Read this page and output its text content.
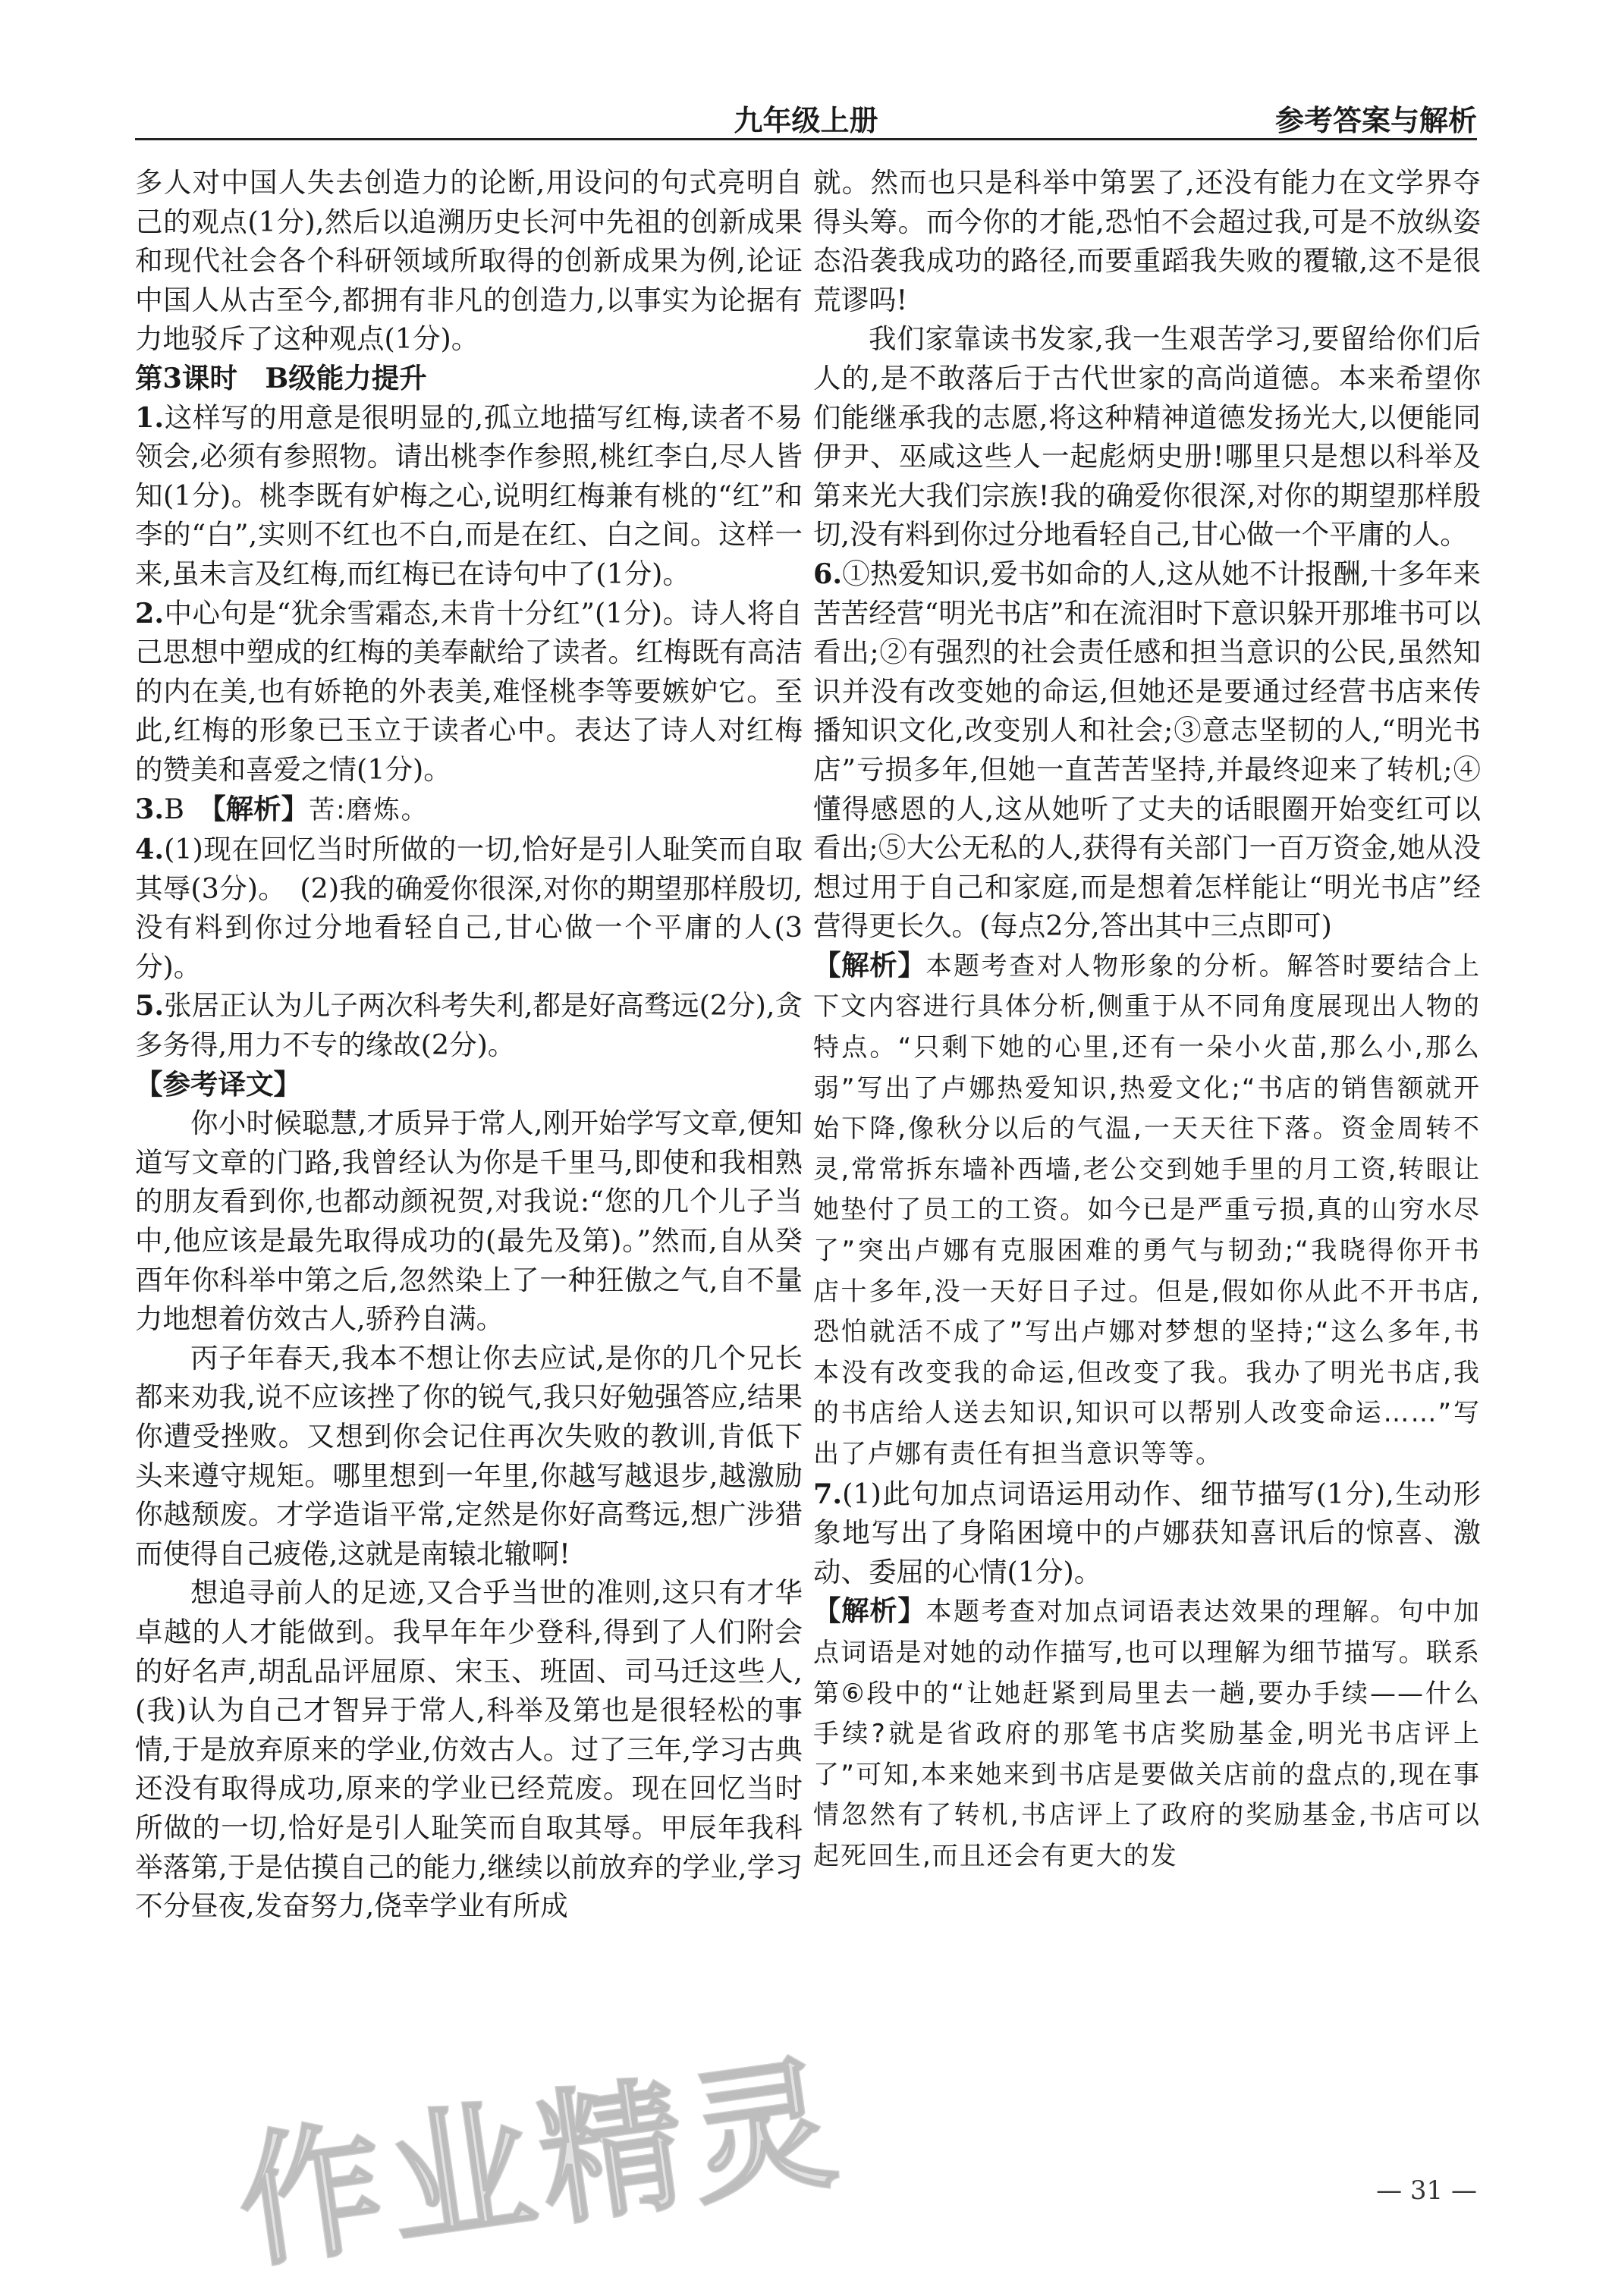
九年级上册	参考答案与解析

多人对中国人失去创造力的论断,用设问的句式亮明自己的观点(1分),然后以追溯历史长河中先祖的创新成果和现代社会各个科研领域所取得的创新成果为例,论证中国人从古至今,都拥有非凡的创造力,以事实为论据有力地驳斥了这种观点(1分)。

第3课时　B级能力提升

1.这样写的用意是很明显的,孤立地描写红梅,读者不易领会,必须有参照物。请出桃李作参照,桃红李白,尽人皆知(1分)。桃李既有妒梅之心,说明红梅兼有桃的“红”和李的“白”,实则不红也不白,而是在红、白之间。这样一来,虽未言及红梅,而红梅已在诗句中了(1分)。

2.中心句是“犹余雪霜态,未肯十分红”(1分)。诗人将自己思想中塑成的红梅的美奉献给了读者。红梅既有高洁的内在美,也有娇艳的外表美,难怪桃李等要嫉妒它。至此,红梅的形象已玉立于读者心中。表达了诗人对红梅的赞美和喜爱之情(1分)。

3.B　【解析】苦:磨炼。

4.(1)现在回忆当时所做的一切,恰好是引人耻笑而自取其辱(3分)。　(2)我的确爱你很深,对你的期望那样殷切,没有料到你过分地看轻自己,甘心做一个平庸的人(3分)。

5.张居正认为儿子两次科考失利,都是好高骛远(2分),贪多务得,用力不专的缘故(2分)。

【参考译文】

你小时候聪慧,才质异于常人,刚开始学写文章,便知道写文章的门路,我曾经认为你是千里马,即使和我相熟的朋友看到你,也都动颜祝贺,对我说:“您的几个儿子当中,他应该是最先取得成功的(最先及第)。”然而,自从癸酉年你科举中第之后,忽然染上了一种狂傲之气,自不量力地想着仿效古人,骄矜自满。

丙子年春天,我本不想让你去应试,是你的几个兄长都来劝我,说不应该挫了你的锐气,我只好勉强答应,结果你遭受挫败。又想到你会记住再次失败的教训,肯低下头来遵守规矩。哪里想到一年里,你越写越退步,越激励你越颓废。才学造诣平常,定然是你好高骛远,想广涉猎而使得自己疲倦,这就是南辕北辙啊!

想追寻前人的足迹,又合乎当世的准则,这只有才华卓越的人才能做到。我早年年少登科,得到了人们附会的好名声,胡乱品评屈原、宋玉、班固、司马迁这些人,(我)认为自己才智异于常人,科举及第也是很轻松的事情,于是放弃原来的学业,仿效古人。过了三年,学习古典还没有取得成功,原来的学业已经荒废。现在回忆当时所做的一切,恰好是引人耻笑而自取其辱。甲辰年我科举落第,于是估摸自己的能力,继续以前放弃的学业,学习不分昼夜,发奋努力,侥幸学业有所成

就。然而也只是科举中第罢了,还没有能力在文学界夺得头筹。而今你的才能,恐怕不会超过我,可是不放纵姿态沿袭我成功的路径,而要重蹈我失败的覆辙,这不是很荒谬吗!

我们家靠读书发家,我一生艰苦学习,要留给你们后人的,是不敢落后于古代世家的高尚道德。本来希望你们能继承我的志愿,将这种精神道德发扬光大,以便能同伊尹、巫咸这些人一起彪炳史册!哪里只是想以科举及第来光大我们宗族!我的确爱你很深,对你的期望那样殷切,没有料到你过分地看轻自己,甘心做一个平庸的人。

6.①热爱知识,爱书如命的人,这从她不计报酬,十多年来苦苦经营“明光书店”和在流泪时下意识躲开那堆书可以看出;②有强烈的社会责任感和担当意识的公民,虽然知识并没有改变她的命运,但她还是要通过经营书店来传播知识文化,改变别人和社会;③意志坚韧的人,“明光书店”亏损多年,但她一直苦苦坚持,并最终迎来了转机;④懂得感恩的人,这从她听了丈夫的话眼圈开始变红可以看出;⑤大公无私的人,获得有关部门一百万资金,她从没想过用于自己和家庭,而是想着怎样能让“明光书店”经营得更长久。(每点2分,答出其中三点即可)

【解析】本题考查对人物形象的分析。解答时要结合上下文内容进行具体分析,侧重于从不同角度展现出人物的特点。“只剩下她的心里,还有一朵小火苗,那么小,那么弱”写出了卢娜热爱知识,热爱文化;“书店的销售额就开始下降,像秋分以后的气温,一天天往下落。资金周转不灵,常常拆东墙补西墙,老公交到她手里的月工资,转眼让她垫付了员工的工资。如今已是严重亏损,真的山穷水尽了”突出卢娜有克服困难的勇气与韧劲;“我晓得你开书店十多年,没一天好日子过。但是,假如你从此不开书店,恐怕就活不成了”写出卢娜对梦想的坚持;“这么多年,书本没有改变我的命运,但改变了我。我办了明光书店,我的书店给人送去知识,知识可以帮别人改变命运……”写出了卢娜有责任有担当意识等等。

7.(1)此句加点词语运用动作、细节描写(1分),生动形象地写出了身陷困境中的卢娜获知喜讯后的惊喜、激动、委屈的心情(1分)。

【解析】本题考查对加点词语表达效果的理解。句中加点词语是对她的动作描写,也可以理解为细节描写。联系第⑥段中的“让她赶紧到局里去一趟,要办手续——什么手续?就是省政府的那笔书店奖励基金,明光书店评上了”可知,本来她来到书店是要做关店前的盘点的,现在事情忽然有了转机,书店评上了政府的奖励基金,书店可以起死回生,而且还会有更大的发

作业精灵	— 31 —
